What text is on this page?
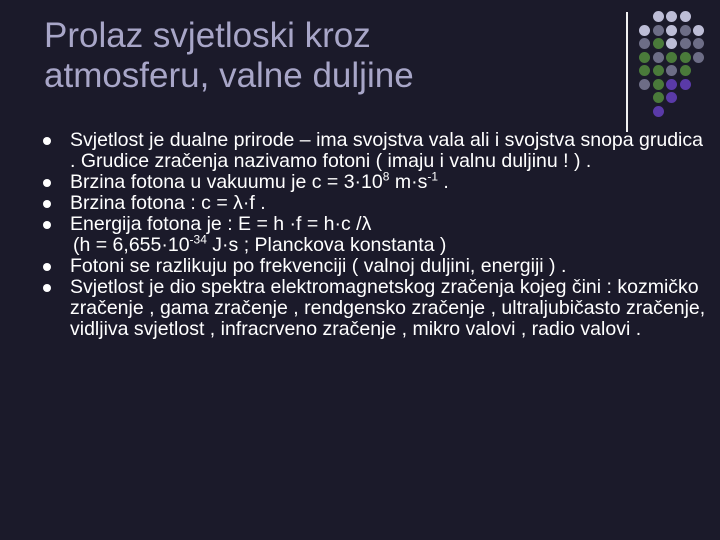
Prolaz svjetloski kroz
atmosferu, valne duljine
Svjetlost je dualne prirode – ima svojstva vala ali i svojstva snopa grudica . Grudice zračenja nazivamo fotoni ( imaju i valnu duljinu ! ) .
Brzina fotona u vakuumu je $c = 3\cdot 10^8$ $m\cdot s^{-1}$ .
Brzina fotona : c = λ·f .
Energija fotona je : E = h ·f = h·c /λ
($h = 6,655\cdot 10^{-34}$ J·s ; Planckova konstanta )
Fotoni se razlikuju po frekvenciji ( valnoj duljini, energiji ) .
Svjetlost je dio spektra elektromagnetskog zračenja kojeg čini : kozmičko zračenje , gama zračenje , rendgensko zračenje , ultraljubičasto zračenje, vidljiva svjetlost , infracrveno zračenje , mikro valovi , radio valovi .
